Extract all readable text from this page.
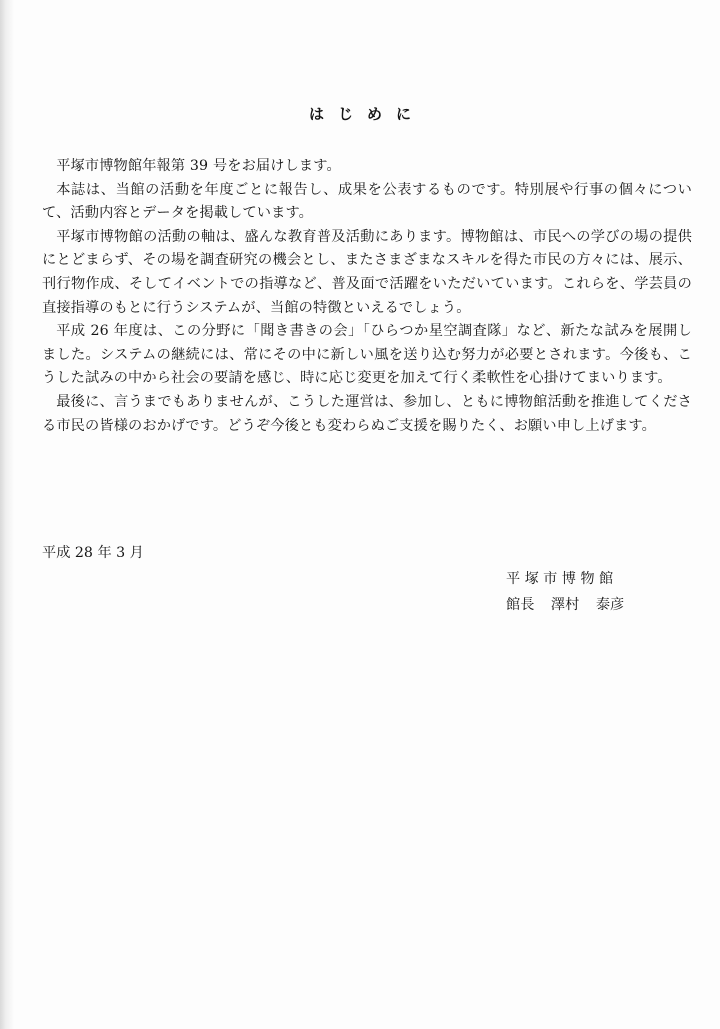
はじめに

平塚市博物館年報第 39 号をお届けします。

本誌は、当館の活動を年度ごとに報告し、成果を公表するものです。特別展や行事の個々について、活動内容とデータを掲載しています。

平塚市博物館の活動の軸は、盛んな教育普及活動にあります。博物館は、市民への学びの場の提供にとどまらず、その場を調査研究の機会とし、またさまざまなスキルを得た市民の方々には、展示、刊行物作成、そしてイベントでの指導など、普及面で活躍をいただいています。これらを、学芸員の直接指導のもとに行うシステムが、当館の特徴といえるでしょう。

平成 26 年度は、この分野に「聞き書きの会」「ひらつか星空調査隊」など、新たな試みを展開しました。システムの継続には、常にその中に新しい風を送り込む努力が必要とされます。今後も、こうした試みの中から社会の要請を感じ、時に応じ変更を加えて行く柔軟性を心掛けてまいります。

最後に、言うまでもありませんが、こうした運営は、参加し、ともに博物館活動を推進してくださる市民の皆様のおかげです。どうぞ今後とも変わらぬご支援を賜りたく、お願い申し上げます。

平成 28 年 3 月
平塚市博物館
館長 澤村 泰彦
